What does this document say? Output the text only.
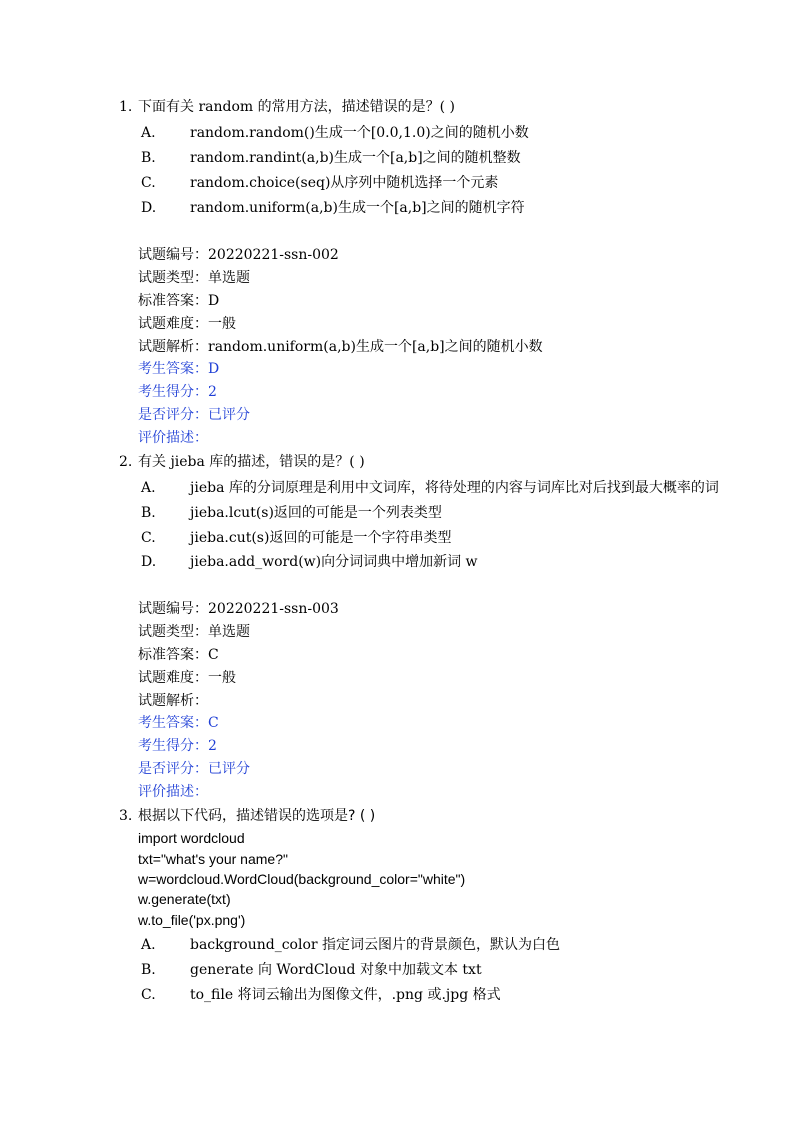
1. 下面有关 random 的常用方法，描述错误的是？( )
A. random.random()生成一个[0.0,1.0)之间的随机小数
B. random.randint(a,b)生成一个[a,b]之间的随机整数
C. random.choice(seq)从序列中随机选择一个元素
D. random.uniform(a,b)生成一个[a,b]之间的随机字符
试题编号：20220221-ssn-002
试题类型：单选题
标准答案：D
试题难度：一般
试题解析：random.uniform(a,b)生成一个[a,b]之间的随机小数
考生答案：D
考生得分：2
是否评分：已评分
评价描述：
2. 有关 jieba 库的描述，错误的是？( )
A. jieba 库的分词原理是利用中文词库，将待处理的内容与词库比对后找到最大概率的词
B. jieba.lcut(s)返回的可能是一个列表类型
C. jieba.cut(s)返回的可能是一个字符串类型
D. jieba.add_word(w)向分词词典中增加新词 w
试题编号：20220221-ssn-003
试题类型：单选题
标准答案：C
试题难度：一般
试题解析：
考生答案：C
考生得分：2
是否评分：已评分
评价描述：
3. 根据以下代码，描述错误的选项是? ( )
import wordcloud
txt="what's your name?"
w=wordcloud.WordCloud(background_color="white")
w.generate(txt)
w.to_file('px.png')
A. background_color 指定词云图片的背景颜色，默认为白色
B. generate 向 WordCloud 对象中加载文本 txt
C. to_file 将词云输出为图像文件，.png 或.jpg 格式
